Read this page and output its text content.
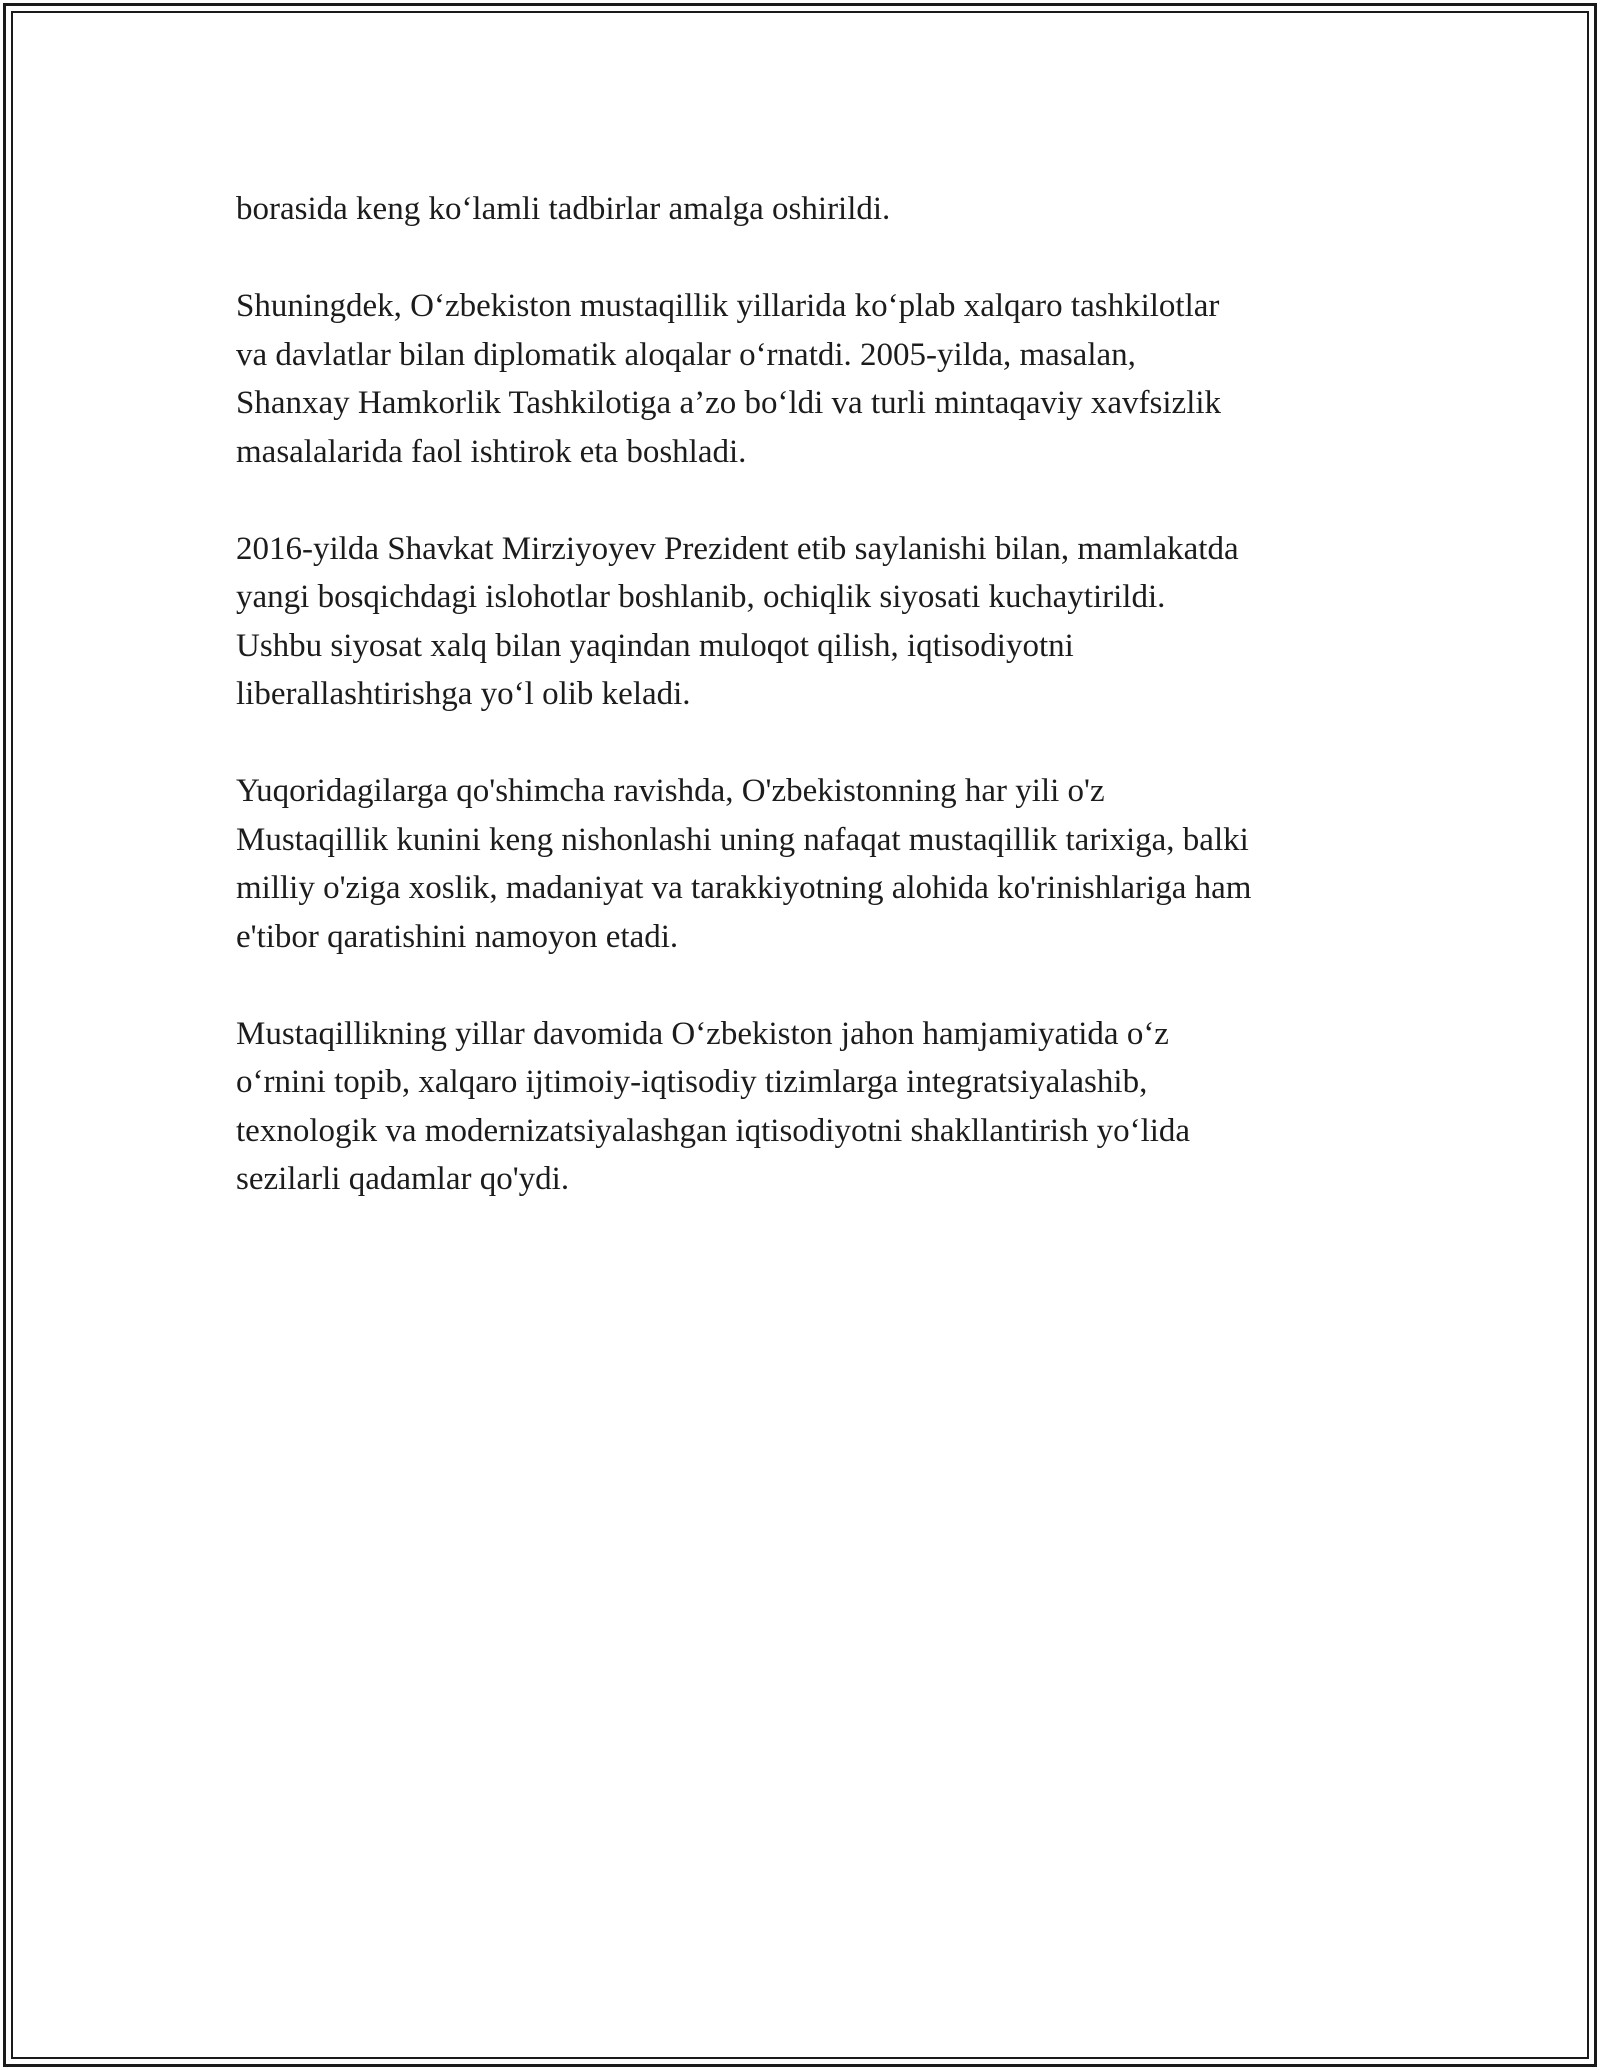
borasida keng ko‘lamli tadbirlar amalga oshirildi.

Shuningdek, O‘zbekiston mustaqillik yillarida ko‘plab xalqaro tashkilotlar
va davlatlar bilan diplomatik aloqalar o‘rnatdi. 2005-yilda, masalan,
Shanxay Hamkorlik Tashkilotiga a’zo bo‘ldi va turli mintaqaviy xavfsizlik
masalalarida faol ishtirok eta boshladi.

2016-yilda Shavkat Mirziyoyev Prezident etib saylanishi bilan, mamlakatda
yangi bosqichdagi islohotlar boshlanib, ochiqlik siyosati kuchaytirildi.
Ushbu siyosat xalq bilan yaqindan muloqot qilish, iqtisodiyotni
liberallashtirishga yo‘l olib keladi.

Yuqoridagilarga qo'shimcha ravishda, O'zbekistonning har yili o'z
Mustaqillik kunini keng nishonlashi uning nafaqat mustaqillik tarixiga, balki
milliy o'ziga xoslik, madaniyat va tarakkiyotning alohida ko'rinishlariga ham
e'tibor qaratishini namoyon etadi.

Mustaqillikning yillar davomida O‘zbekiston jahon hamjamiyatida o‘z
o‘rnini topib, xalqaro ijtimoiy-iqtisodiy tizimlarga integratsiyalashib,
texnologik va modernizatsiyalashgan iqtisodiyotni shakllantirish yo‘lida
sezilarli qadamlar qo'ydi.
